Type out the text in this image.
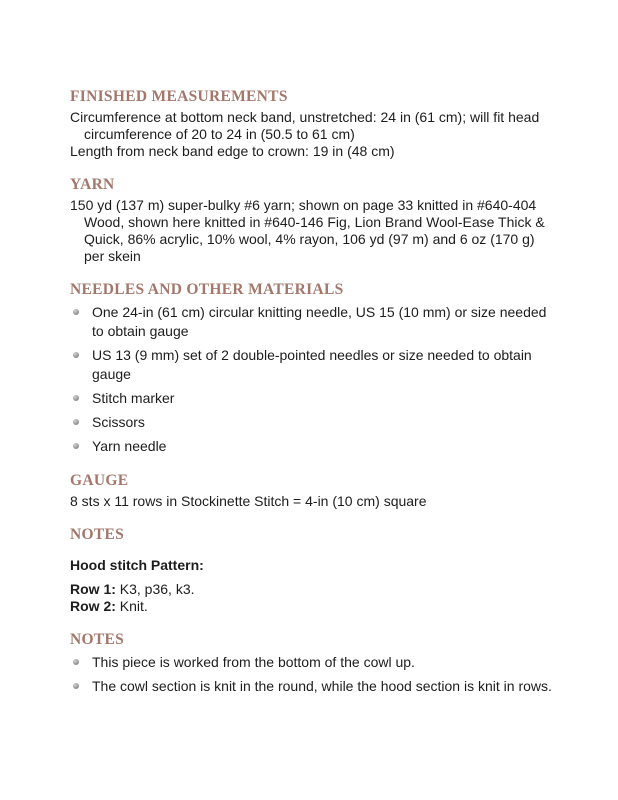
FINISHED MEASUREMENTS

Circumference at bottom neck band, unstretched: 24 in (61 cm); will fit head circumference of 20 to 24 in (50.5 to 61 cm)

Length from neck band edge to crown: 19 in (48 cm)

YARN

150 yd (137 m) super-bulky #6 yarn; shown on page 33 knitted in #640-404 Wood, shown here knitted in #640-146 Fig, Lion Brand Wool-Ease Thick & Quick, 86% acrylic, 10% wool, 4% rayon, 106 yd (97 m) and 6 oz (170 g) per skein

NEEDLES AND OTHER MATERIALS
One 24-in (61 cm) circular knitting needle, US 15 (10 mm) or size needed to obtain gauge
US 13 (9 mm) set of 2 double-pointed needles or size needed to obtain gauge
Stitch marker
Scissors
Yarn needle
GAUGE

8 sts x 11 rows in Stockinette Stitch = 4-in (10 cm) square

NOTES

Hood stitch Pattern:

Row 1: K3, p36, k3.

Row 2: Knit.

NOTES
This piece is worked from the bottom of the cowl up.
The cowl section is knit in the round, while the hood section is knit in rows.
